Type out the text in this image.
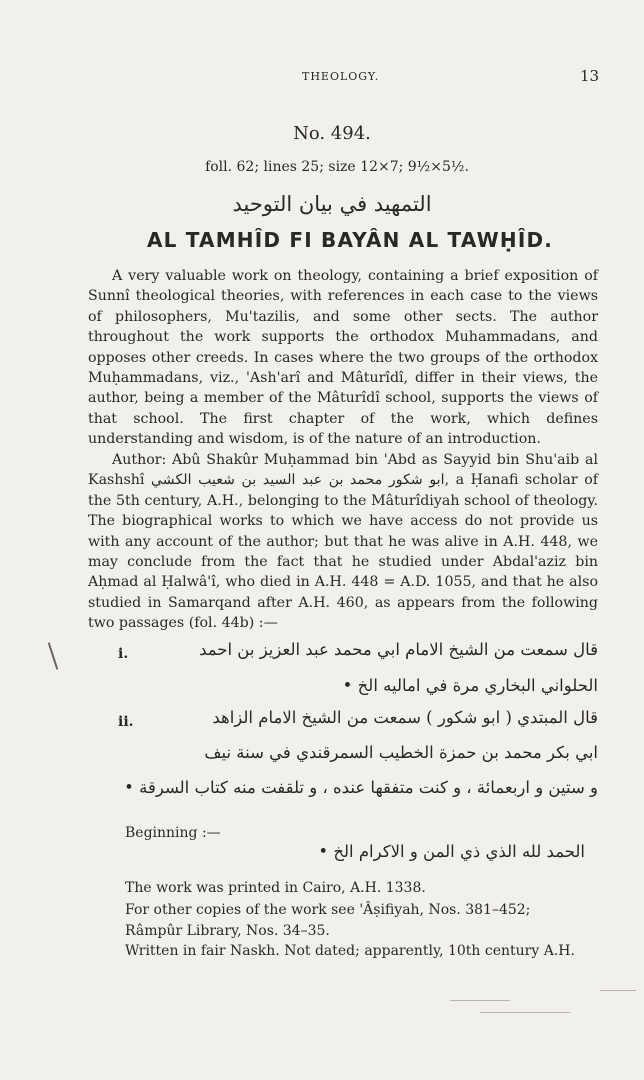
THEOLOGY.	13
No. 494.
foll. 62; lines 25; size 12×7; 9½×5½.
التمهيد في بيان التوحيد
AL TAMHÎD FI BAYÂN AL TAWḤÎD.

A very valuable work on theology, containing a brief exposition of Sunnî theological theories, with references in each case to the views of philosophers, Mu'tazilis, and some other sects. The author throughout the work supports the orthodox Muhammadans, and opposes other creeds. In cases where the two groups of the orthodox Muḥammadans, viz., 'Ash'arî and Mâturîdî, differ in their views, the author, being a member of the Mâturîdî school, supports the views of that school. The first chapter of the work, which defines understanding and wisdom, is of the nature of an introduction.

Author: Abû Shakûr Muḥammad bin 'Abd as Sayyid bin Shu'aib al Kashshî ابو شكور محمد بن عبد السيد بن شعيب الكشي, a Ḥanafi scholar of the 5th century, A.H., belonging to the Mâturîdiyah school of theology. The biographical works to which we have access do not provide us with any account of the author; but that he was alive in A.H. 448, we may conclude from the fact that he studied under Abdal'aziz bin Aḥmad al Ḥalwâ'î, who died in A.H. 448 = A.D. 1055, and that he also studied in Samarqand after A.H. 460, as appears from the following two passages (fol. 44b) :—

i.	قال سمعت من الشيخ الامام ابي محمد عبد العزيز بن احمد
الحلواني البخاري مرة في اماليه الخ •
ii.	قال المبتدي ( ابو شكور ) سمعت من الشيخ الامام الزاهد
ابي بكر محمد بن حمزة الخطيب السمرقندي في سنة نيف
و ستين و اربعمائة ، و كنت متفقها عنده ، و تلقفت منه كتاب السرقة •
Beginning :—
الحمد لله الذي ذي المن و الاكرام الخ •
The work was printed in Cairo, A.H. 1338.
For other copies of the work see 'Âṣifiyah, Nos. 381–452;
Râmpûr Library, Nos. 34–35.
Written in fair Naskh. Not dated; apparently, 10th century A.H.
